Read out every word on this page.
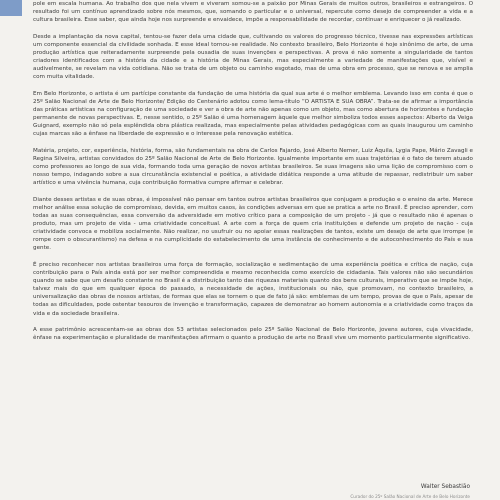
pole em escala humana. Ao trabalho dos que nela vivem e viveram somou-se a paixão por Minas Gerais de muitos outros, brasileiros e estrangeiros. O resultado foi um contínuo aprendizado sobre nós mesmos, que, somando o particular e o universal, repercute como desejo de compreender a vida e a cultura brasileira. Esse saber, que ainda hoje nos surpreende e envaidece, impõe a responsabilidade de recordar, continuar e enriquecer o já realizado.

Desde a implantação da nova capital, tentou-se fazer dela uma cidade que, cultivando os valores do progresso técnico, tivesse nas expressões artísticas um componente essencial da civilidade sonhada. E esse ideal tornou-se realidade. No contexto brasileiro, Belo Horizonte é hoje sinônimo de arte, de uma produção artística que reiteradamente surpreende pela ousadia de suas invenções e perspectivas. A prova é não somente a singularidade de tantos criadores identificados com a história da cidade e a história de Minas Gerais, mas especialmente a variedade de manifestações que, visível e audivelmente, se revelam na vida cotidiana. Não se trata de um objeto ou caminho esgotado, mas de uma obra em processo, que se renova e se amplia com muita vitalidade.

Em Belo Horizonte, o artista é um partícipe constante da fundação de uma história da qual sua arte é o melhor emblema. Levando isso em conta é que o 25º Salão Nacional de Arte de Belo Horizonte/ Edição do Centenário adotou como lema-título “O ARTISTA E SUA OBRA”. Trata-se de afirmar a importância das práticas artísticas na configuração de uma sociedade e ver a obra de arte não apenas como um objeto, mas como abertura de horizontes e fundação permanente de novas perspectivas. E, nesse sentido, o 25º Salão é uma homenagem àquele que melhor simboliza todos esses aspectos: Alberto da Veiga Guignard, exemplo não só pela esplêndida obra plástica realizada, mas especialmente pelas atividades pedagógicas com as quais inaugurou um caminho cujas marcas são a ênfase na liberdade de expressão e o interesse pela renovação estética.

Matéria, projeto, cor, experiência, história, forma, são fundamentais na obra de Carlos Fajardo, José Alberto Nemer, Luiz Áquila, Lygia Pape, Mário Zavagli e Regina Silveira, artistas convidados do 25º Salão Nacional de Arte de Belo Horizonte. Igualmente importante em suas trajetórias é o fato de terem atuado como professores ao longo de sua vida, formando toda uma geração de novos artistas brasileiros. Se suas imagens são uma lição de compromisso com o nosso tempo, indagando sobre a sua circunstância existencial e poética, a atividade didática responde a uma atitude de repassar, redistribuir um saber artístico e uma vivência humana, cuja contribuição formativa cumpre afirmar e celebrar.

Diante desses artistas e de suas obras, é impossível não pensar em tantos outros artistas brasileiros que conjugam a produção e o ensino da arte. Merece melhor análise essa solução de compromisso, devida, em muitos casos, às condições adversas em que se pratica a arte no Brasil. É preciso aprender, com todas as suas consequências, essa conversão da adversidade em motivo crítico para a composição de um projeto - já que o resultado não é apenas o produto, mas um projeto de vida - uma criatividade conceitual. A arte com a força de quem cria instituições e defende um projeto de nação - cuja criatividade convoca e mobiliza socialmente. Não realizar, no usufruir ou no apoiar essas realizações de tantos, existe um desejo de arte que irrompe (e rompe com o obscurantismo) na defesa e na cumplicidade do estabelecimento de uma instância de conhecimento e de autoconhecimento do País e sua gente.

É preciso reconhecer nos artistas brasileiros uma força de formação, socialização e sedimentação de uma experiência poética e crítica de nação, cuja contribuição para o País ainda está por ser melhor compreendida e mesmo reconhecida como exercício de cidadania. Tais valores não são secundários quando se sabe que um desafio constante no Brasil é a distribuição tanto das riquezas materiais quanto dos bens culturais, imperativo que se impõe hoje, talvez mais do que em qualquer época do passado, a necessidade de ações, institucionais ou não, que promovam, no contexto brasileiro, a universalização das obras de nossos artistas, de formas que elas se tornem o que de fato já são: emblemas de um tempo, provas de que o País, apesar de todas as dificuldades, pode ostentar tesouros de invenção e transformação, capazes de demonstrar ao homem autonomia e a criatividade como traços da vida e da sociedade brasileira.

A esse patrimônio acrescentam-se as obras dos 53 artistas selecionados pelo 25º Salão Nacional de Belo Horizonte, jovens autores, cuja vivacidade, ênfase na experimentação e pluralidade de manifestações afirmam o quanto a produção de arte no Brasil vive um momento particularmente significativo.

Walter Sebastião
Curador do 25º Salão Nacional de Arte de Belo Horizonte
